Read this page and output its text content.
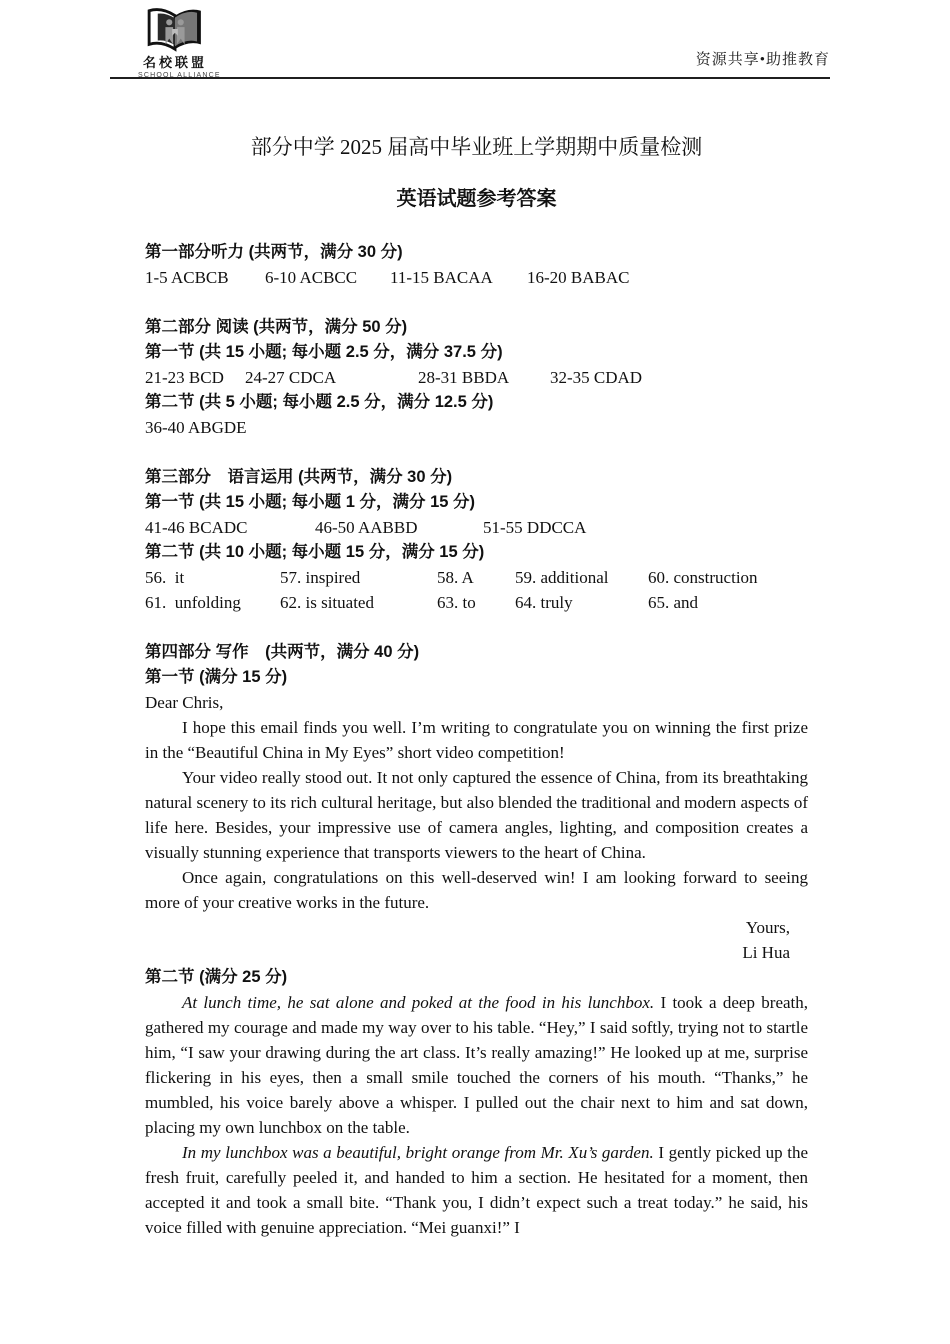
名校联盟
SCHOOL ALLIANCE
资源共享•助推教育
部分中学 2025 届高中毕业班上学期期中质量检测
英语试题参考答案
第一部分听力 (共两节，满分 30 分)
1-5 ACBCB	6-10 ACBCC	11-15 BACAA	16-20 BABAC
第二部分 阅读 (共两节，满分 50 分)
第一节 (共 15 小题; 每小题 2.5 分，满分 37.5 分)
21-23 BCD	24-27 CDCA	28-31 BBDA	32-35 CDAD
第二节 (共 5 小题; 每小题 2.5 分，满分 12.5 分)
36-40 ABGDE
第三部分　语言运用 (共两节，满分 30 分)
第一节 (共 15 小题; 每小题 1 分，满分 15 分)
41-46 BCADC	46-50 AABBD	51-55 DDCCA
第二节 (共 10 小题; 每小题 15 分，满分 15 分)
56.  it	57. inspired	58. A	59. additional	60. construction
61.  unfolding	62. is situated	63. to	64. truly	65. and
第四部分 写作　(共两节，满分 40 分)
第一节 (满分 15 分)

Dear Chris,

I hope this email finds you well. I’m writing to congratulate you on winning the first prize in the “Beautiful China in My Eyes” short video competition!

Your video really stood out. It not only captured the essence of China, from its breathtaking natural scenery to its rich cultural heritage, but also blended the traditional and modern aspects of life here. Besides, your impressive use of camera angles, lighting, and composition creates a visually stunning experience that transports viewers to the heart of China.

Once again, congratulations on this well-deserved win! I am looking forward to seeing more of your creative works in the future.

Yours,

Li Hua

第二节 (满分 25 分)

At lunch time, he sat alone and poked at the food in his lunchbox. I took a deep breath, gathered my courage and made my way over to his table. “Hey,” I said softly, trying not to startle him, “I saw your drawing during the art class. It’s really amazing!” He looked up at me, surprise flickering in his eyes, then a small smile touched the corners of his mouth. “Thanks,” he mumbled, his voice barely above a whisper. I pulled out the chair next to him and sat down, placing my own lunchbox on the table.

In my lunchbox was a beautiful, bright orange from Mr. Xu’s garden. I gently picked up the fresh fruit, carefully peeled it, and handed to him a section. He hesitated for a moment, then accepted it and took a small bite. “Thank you, I didn’t expect such a treat today.” he said, his voice filled with genuine appreciation. “Mei guanxi!” I
